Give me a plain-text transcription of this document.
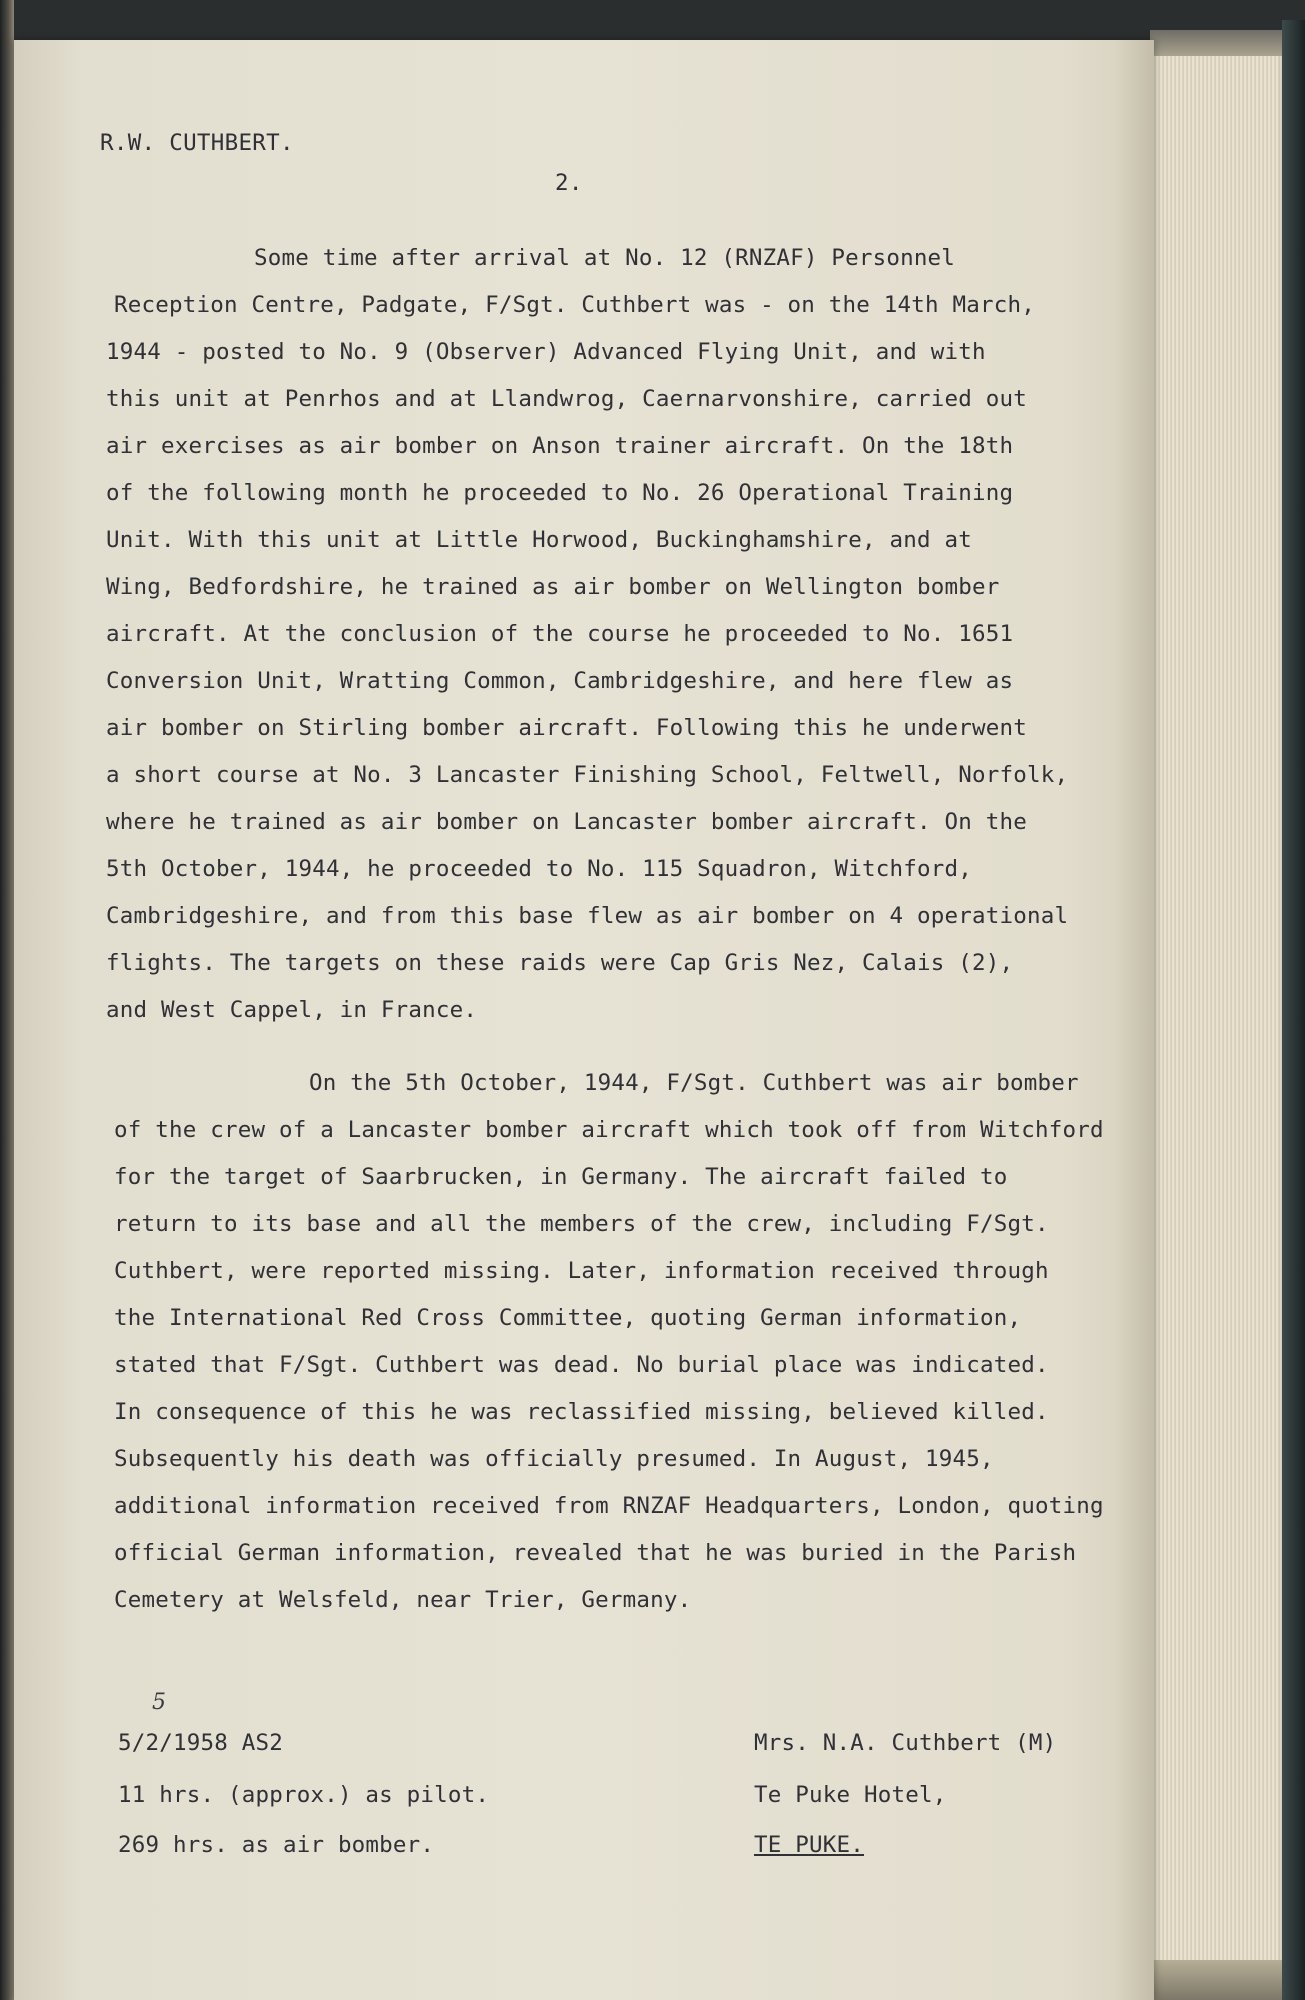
R.W. CUTHBERT.
2.
Some time after arrival at No. 12 (RNZAF) Personnel
Reception Centre, Padgate, F/Sgt. Cuthbert was - on the 14th March,
1944 - posted to No. 9 (Observer) Advanced Flying Unit, and with
this unit at Penrhos and at Llandwrog, Caernarvonshire, carried out
air exercises as air bomber on Anson trainer aircraft. On the 18th
of the following month he proceeded to No. 26 Operational Training
Unit. With this unit at Little Horwood, Buckinghamshire, and at
Wing, Bedfordshire, he trained as air bomber on Wellington bomber
aircraft. At the conclusion of the course he proceeded to No. 1651
Conversion Unit, Wratting Common, Cambridgeshire, and here flew as
air bomber on Stirling bomber aircraft. Following this he underwent
a short course at No. 3 Lancaster Finishing School, Feltwell, Norfolk,
where he trained as air bomber on Lancaster bomber aircraft. On the
5th October, 1944, he proceeded to No. 115 Squadron, Witchford,
Cambridgeshire, and from this base flew as air bomber on 4 operational
flights. The targets on these raids were Cap Gris Nez, Calais (2),
and West Cappel, in France.
On the 5th October, 1944, F/Sgt. Cuthbert was air bomber
of the crew of a Lancaster bomber aircraft which took off from Witchford
for the target of Saarbrucken, in Germany. The aircraft failed to
return to its base and all the members of the crew, including F/Sgt.
Cuthbert, were reported missing. Later, information received through
the International Red Cross Committee, quoting German information,
stated that F/Sgt. Cuthbert was dead. No burial place was indicated.
In consequence of this he was reclassified missing, believed killed.
Subsequently his death was officially presumed. In August, 1945,
additional information received from RNZAF Headquarters, London, quoting
official German information, revealed that he was buried in the Parish
Cemetery at Welsfeld, near Trier, Germany.
5
5/2/1958 AS2
11 hrs. (approx.) as pilot.
269 hrs. as air bomber.
Mrs. N.A. Cuthbert (M)
Te Puke Hotel,
TE PUKE.
